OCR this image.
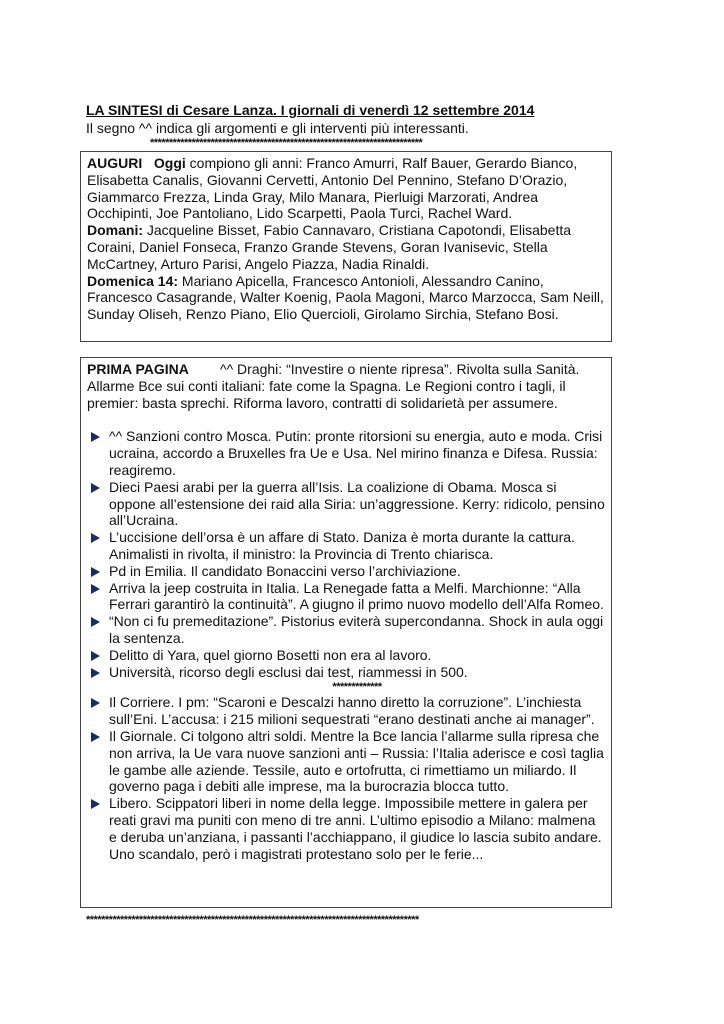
LA SINTESI di Cesare Lanza. I giornali di venerdì 12 settembre 2014
Il segno ^^ indica gli argomenti e gli interventi più interessanti.
************************************************************************

AUGURI Oggi compiono gli anni: Franco Amurri, Ralf Bauer, Gerardo Bianco, Elisabetta Canalis, Giovanni Cervetti, Antonio Del Pennino, Stefano D’Orazio, Giammarco Frezza, Linda Gray, Milo Manara, Pierluigi Marzorati, Andrea Occhipinti, Joe Pantoliano, Lido Scarpetti, Paola Turci, Rachel Ward.

Domani: Jacqueline Bisset, Fabio Cannavaro, Cristiana Capotondi, Elisabetta Coraini, Daniel Fonseca, Franzo Grande Stevens, Goran Ivanisevic, Stella McCartney, Arturo Parisi, Angelo Piazza, Nadia Rinaldi.

Domenica 14: Mariano Apicella, Francesco Antonioli, Alessandro Canino, Francesco Casagrande, Walter Koenig, Paola Magoni, Marco Marzocca, Sam Neill, Sunday Oliseh, Renzo Piano, Elio Quercioli, Girolamo Sirchia, Stefano Bosi.

PRIMA PAGINA ^^ Draghi: “Investire o niente ripresa”. Rivolta sulla Sanità. Allarme Bce sui conti italiani: fate come la Spagna. Le Regioni contro i tagli, il premier: basta sprechi. Riforma lavoro, contratti di solidarietà per assumere.

^^ Sanzioni contro Mosca. Putin: pronte ritorsioni su energia, auto e moda. Crisi ucraina, accordo a Bruxelles fra Ue e Usa. Nel mirino finanza e Difesa. Russia: reagiremo.
Dieci Paesi arabi per la guerra all’Isis. La coalizione di Obama. Mosca si oppone all’estensione dei raid alla Siria: un’aggressione. Kerry: ridicolo, pensino all’Ucraina.
L’uccisione dell’orsa è un affare di Stato. Daniza è morta durante la cattura. Animalisti in rivolta, il ministro: la Provincia di Trento chiarisca.
Pd in Emilia. Il candidato Bonaccini verso l’archiviazione.
Arriva la jeep costruita in Italia. La Renegade fatta a Melfi. Marchionne: “Alla Ferrari garantirò la continuità”. A giugno il primo nuovo modello dell’Alfa Romeo.
“Non ci fu premeditazione”. Pistorius eviterà supercondanna. Shock in aula oggi la sentenza.
Delitto di Yara, quel giorno Bosetti non era al lavoro.
Università, ricorso degli esclusi dai test, riammessi in 500.
*************
Il Corriere. I pm: “Scaroni e Descalzi hanno diretto la corruzione”. L’inchiesta sull’Eni. L’accusa: i 215 milioni sequestrati “erano destinati anche ai manager”.
Il Giornale. Ci tolgono altri soldi. Mentre la Bce lancia l’allarme sulla ripresa che non arriva, la Ue vara nuove sanzioni anti – Russia: l’Italia aderisce e così taglia le gambe alle aziende. Tessile, auto e ortofrutta, ci rimettiamo un miliardo. Il governo paga i debiti alle imprese, ma la burocrazia blocca tutto.
Libero. Scippatori liberi in nome della legge. Impossibile mettere in galera per reati gravi ma puniti con meno di tre anni. L’ultimo episodio a Milano: malmena e deruba un’anziana, i passanti l’acchiappano, il giudice lo lascia subito andare. Uno scandalo, però i magistrati protestano solo per le ferie...
****************************************************************************************
